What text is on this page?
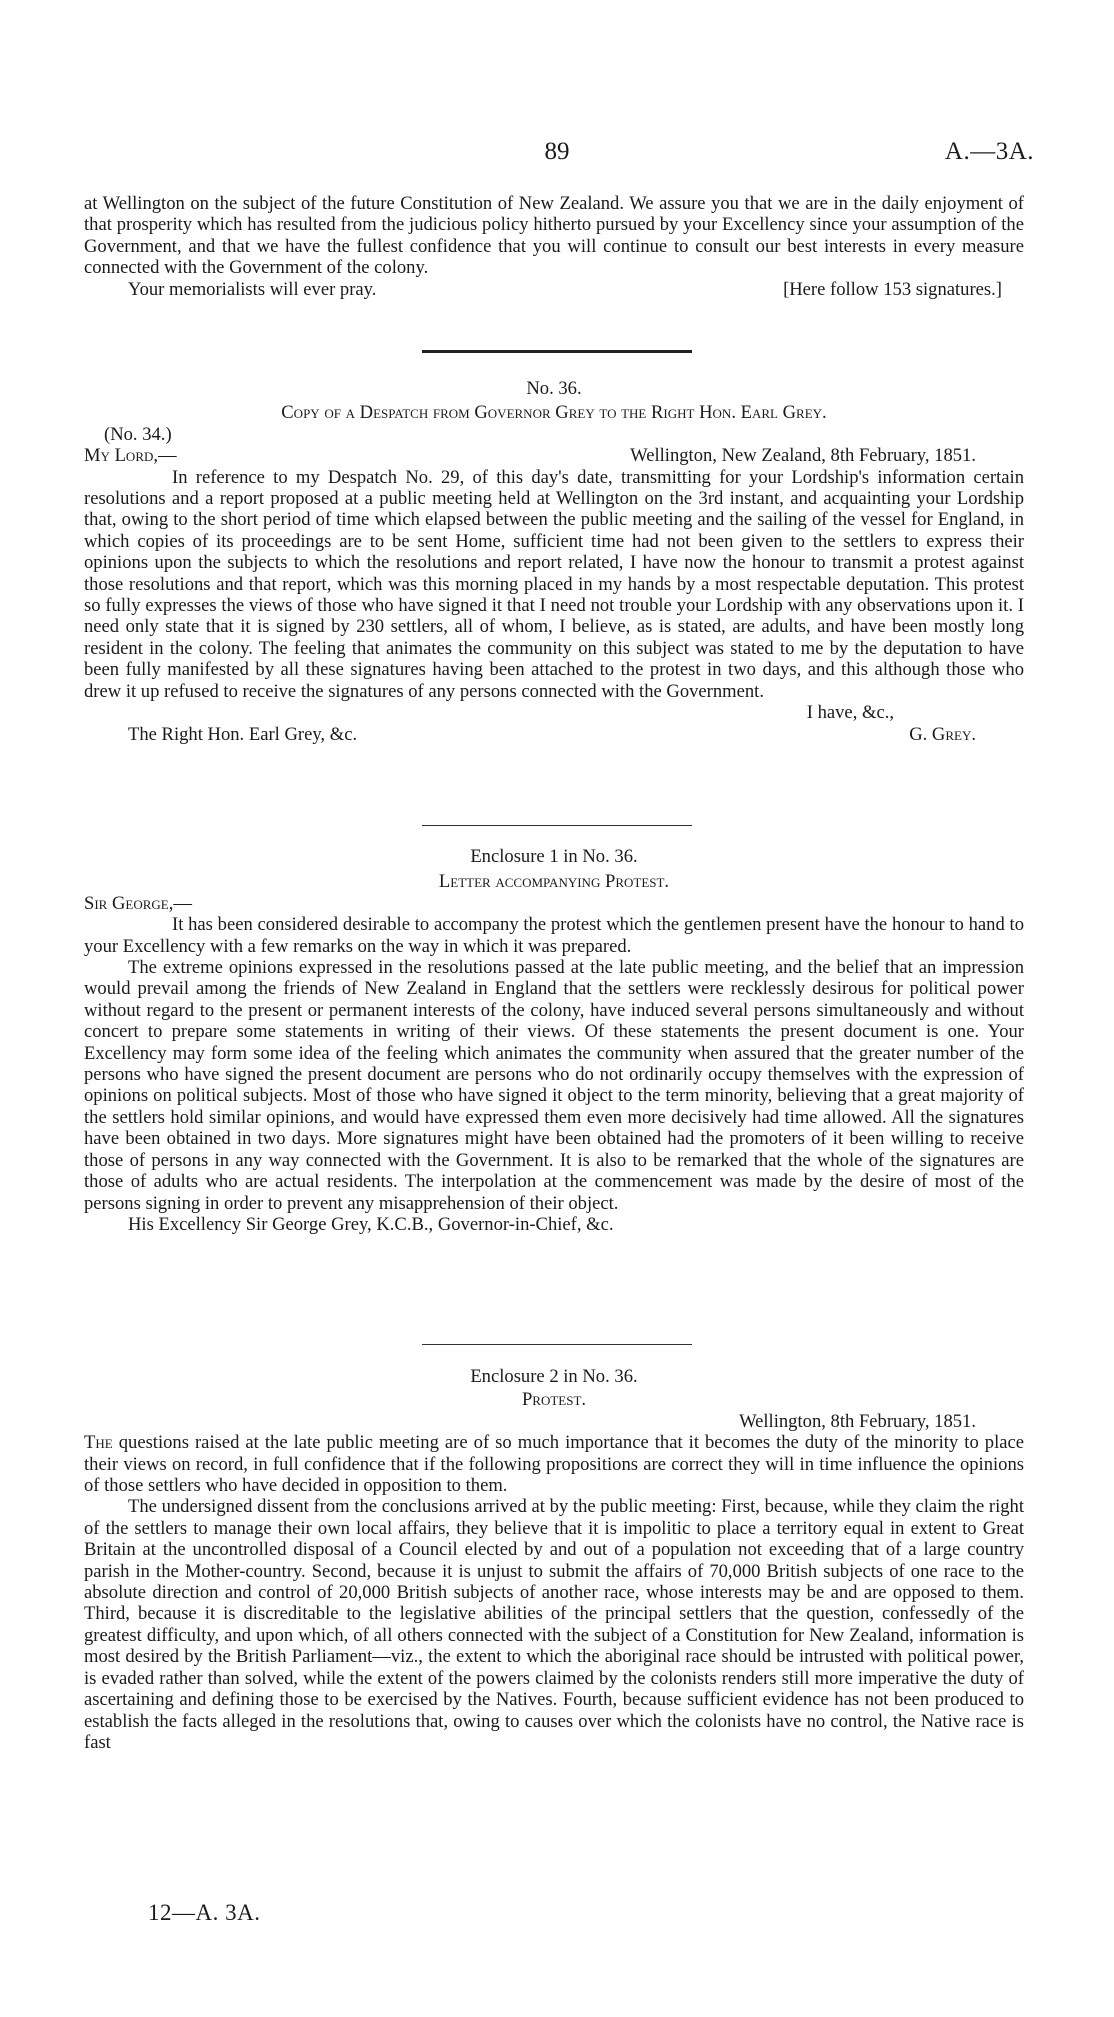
89	A.—3A.

at Wellington on the subject of the future Constitution of New Zealand. We assure you that we are in the daily enjoyment of that prosperity which has resulted from the judicious policy hitherto pursued by your Excellency since your assumption of the Government, and that we have the fullest confidence that you will continue to consult our best interests in every measure connected with the Government of the colony.

Your memorialists will ever pray.	[Here follow 153 signatures.]

No. 36.

Copy of a Despatch from Governor Grey to the Right Hon. Earl Grey.

(No. 34.)

My Lord,—	Wellington, New Zealand, 8th February, 1851.

In reference to my Despatch No. 29, of this day's date, transmitting for your Lordship's information certain resolutions and a report proposed at a public meeting held at Wellington on the 3rd instant, and acquainting your Lordship that, owing to the short period of time which elapsed between the public meeting and the sailing of the vessel for England, in which copies of its proceedings are to be sent Home, sufficient time had not been given to the settlers to express their opinions upon the subjects to which the resolutions and report related, I have now the honour to transmit a protest against those resolutions and that report, which was this morning placed in my hands by a most respectable deputation. This protest so fully expresses the views of those who have signed it that I need not trouble your Lordship with any observations upon it. I need only state that it is signed by 230 settlers, all of whom, I believe, as is stated, are adults, and have been mostly long resident in the colony. The feeling that animates the community on this subject was stated to me by the deputation to have been fully manifested by all these signatures having been attached to the protest in two days, and this although those who drew it up refused to receive the signatures of any persons connected with the Government.

I have, &c.,
The Right Hon. Earl Grey, &c.	G. Grey.

Enclosure 1 in No. 36.

Letter accompanying Protest.

Sir George,—

It has been considered desirable to accompany the protest which the gentlemen present have the honour to hand to your Excellency with a few remarks on the way in which it was prepared.

The extreme opinions expressed in the resolutions passed at the late public meeting, and the belief that an impression would prevail among the friends of New Zealand in England that the settlers were recklessly desirous for political power without regard to the present or permanent interests of the colony, have induced several persons simultaneously and without concert to prepare some statements in writing of their views. Of these statements the present document is one. Your Excellency may form some idea of the feeling which animates the community when assured that the greater number of the persons who have signed the present document are persons who do not ordinarily occupy themselves with the expression of opinions on political subjects. Most of those who have signed it object to the term minority, believing that a great majority of the settlers hold similar opinions, and would have expressed them even more decisively had time allowed. All the signatures have been obtained in two days. More signatures might have been obtained had the promoters of it been willing to receive those of persons in any way connected with the Government. It is also to be remarked that the whole of the signatures are those of adults who are actual residents. The interpolation at the commencement was made by the desire of most of the persons signing in order to prevent any misapprehension of their object.

His Excellency Sir George Grey, K.C.B., Governor-in-Chief, &c.

Enclosure 2 in No. 36.

Protest.

Wellington, 8th February, 1851.

The questions raised at the late public meeting are of so much importance that it becomes the duty of the minority to place their views on record, in full confidence that if the following propositions are correct they will in time influence the opinions of those settlers who have decided in opposition to them.

The undersigned dissent from the conclusions arrived at by the public meeting: First, because, while they claim the right of the settlers to manage their own local affairs, they believe that it is impolitic to place a territory equal in extent to Great Britain at the uncontrolled disposal of a Council elected by and out of a population not exceeding that of a large country parish in the Mother-country. Second, because it is unjust to submit the affairs of 70,000 British subjects of one race to the absolute direction and control of 20,000 British subjects of another race, whose interests may be and are opposed to them. Third, because it is discreditable to the legislative abilities of the principal settlers that the question, confessedly of the greatest difficulty, and upon which, of all others connected with the subject of a Constitution for New Zealand, information is most desired by the British Parliament—viz., the extent to which the aboriginal race should be intrusted with political power, is evaded rather than solved, while the extent of the powers claimed by the colonists renders still more imperative the duty of ascertaining and defining those to be exercised by the Natives. Fourth, because sufficient evidence has not been produced to establish the facts alleged in the resolutions that, owing to causes over which the colonists have no control, the Native race is fast

12—A. 3A.
